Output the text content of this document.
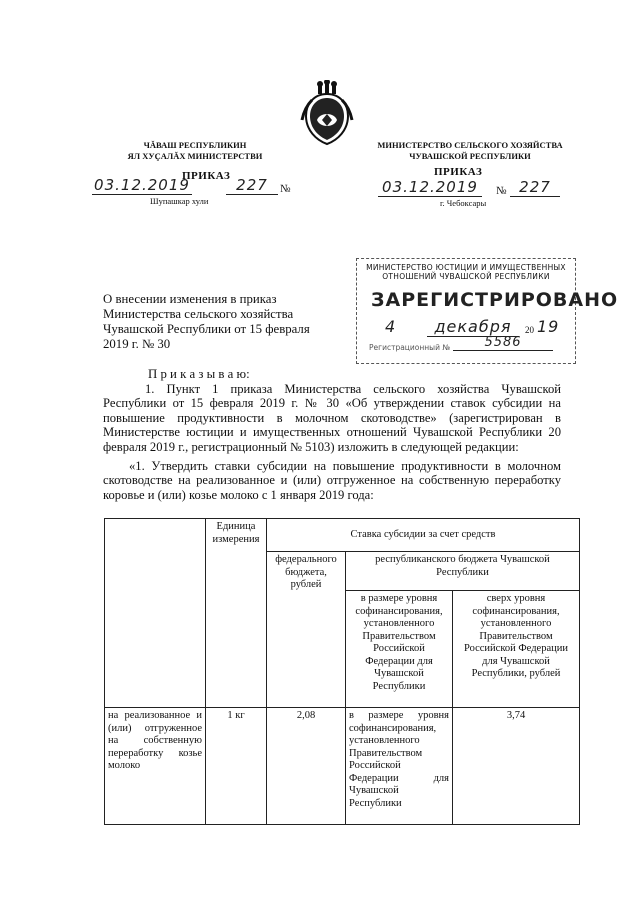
ЧĂВАШ РЕСПУБЛИКИН
ЯЛ ХУҪАЛĂХ МИНИСТЕРСТВИ
ПРИКАЗ
03.12.2019	227	№
Шупашкар хули
МИНИСТЕРСТВО СЕЛЬСКОГО ХОЗЯЙСТВА
ЧУВАШСКОЙ РЕСПУБЛИКИ
ПРИКАЗ
03.12.2019	№ 227
г. Чебоксары
МИНИСТЕРСТВО ЮСТИЦИИ И ИМУЩЕСТВЕННЫХ
ОТНОШЕНИЙ ЧУВАШСКОЙ РЕСПУБЛИКИ
ЗАРЕГИСТРИРОВАНО
4	декабря	20 19
Регистрационный №	5586
О внесении изменения в приказ
Министерства сельского хозяйства
Чувашской Республики от 15 февраля
2019 г. № 30
П р и к а з ы в а ю:
1. Пункт 1 приказа Министерства сельского хозяйства Чувашской Республики от 15 февраля 2019 г. № 30 «Об утверждении ставок субсидии на повышение продуктивности в молочном скотоводстве» (зарегистрирован в Министерстве юстиции и имущественных отношений Чувашской Республики 20 февраля 2019 г., регистрационный № 5103) изложить в следующей редакции:
«1. Утвердить ставки субсидии на повышение продуктивности в молочном скотоводстве на реализованное и (или) отгруженное на собственную переработку коровье и (или) козье молоко с 1 января 2019 года:
	Единица измерения	Ставка субсидии за счет средств		
		федерального бюджета, рублей	республиканского бюджета Чувашской Республики	
			в размере уровня софинансирования, установленного Правительством Российской Федерации для Чувашской Республики	сверх уровня софинансирования, установленного Правительством Российской Федерации для Чувашской Республики, рублей
на реализованное и (или) отгруженное на собственную переработку козье молоко	1 кг	2,08	в размере уровня софинансирования, установленного Правительством Российской Федерации для Чувашской Республики	3,74
